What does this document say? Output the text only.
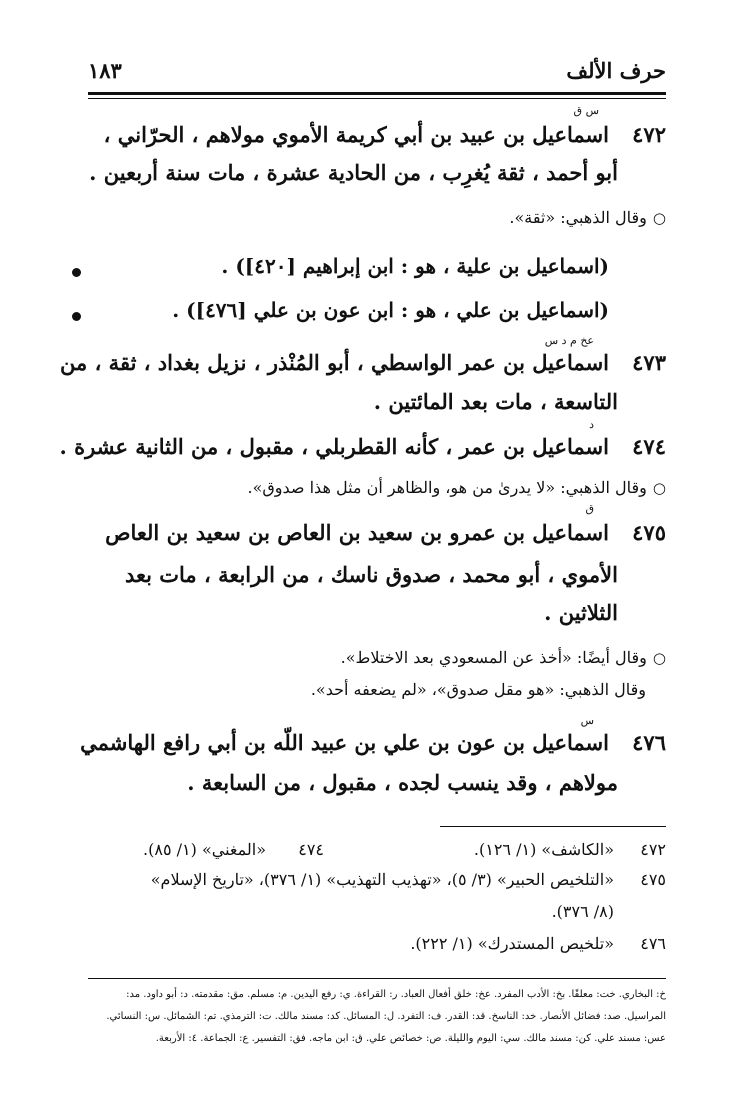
حرف الألف
١٨٣
س ق
٤٧٢
اسماعيل بن عبيد بن أبي كريمة الأموي مولاهم ، الحرّاني ،
أبو أحمد ، ثقة يُغرِب ، من الحادية عشرة ، مات سنة أربعين .
○وقال الذهبي: «ثقة».
(اسماعيل بن علية ، هو : ابن إبراهيم [٤٢٠]) .
(اسماعيل بن علي ، هو : ابن عون بن علي [٤٧٦]) .
عخ م د س
٤٧٣
اسماعيل بن عمر الواسطي ، أبو المُنْذر ، نزيل بغداد ، ثقة ، من
التاسعة ، مات بعد المائتين .
د
٤٧٤
اسماعيل بن عمر ، كأنه القطربلي ، مقبول ، من الثانية عشرة .
○وقال الذهبي: «لا يدرىٰ من هو، والظاهر أن مثل هذا صدوق».
ق
٤٧٥
اسماعيل بن عمرو بن سعيد بن العاص بن سعيد بن العاص
الأموي ، أبو محمد ، صدوق ناسك ، من الرابعة ، مات بعد
الثلاثين .
○وقال أيضًا: «أخذ عن المسعودي بعد الاختلاط».
وقال الذهبي: «هو مقل صدوق»، «لم يضعفه أحد».
س
٤٧٦
اسماعيل بن عون بن علي بن عبيد اللّه بن أبي رافع الهاشمي
مولاهم ، وقد ينسب لجده ، مقبول ، من السابعة .
٤٧٢
«الكاشف» (١/ ١٢٦).
٤٧٤
«المغني» (١/ ٨٥).
٤٧٥
«التلخيص الحبير» (٣/ ٥)، «تهذيب التهذيب» (١/ ٣٧٦)، «تاريخ الإسلام»
(٨/ ٣٧٦).
٤٧٦
«تلخيص المستدرك» (١/ ٢٢٢).
خ: البخاري. خت: معلقًا. بخ: الأدب المفرد. عخ: خلق أفعال العباد. ر: القراءة. ي: رفع اليدين. م: مسلم. مق: مقدمته. د: أبو داود. مد: المراسيل. صد: فضائل الأنصار. خد: الناسخ. قد: القدر. ف: التفرد. ل: المسائل. كد: مسند مالك. ت: الترمذي. تم: الشمائل. س: النسائي. عس: مسند علي. كن: مسند مالك. سي: اليوم والليلة. ص: خصائص علي. ق: ابن ماجه. فق: التفسير. ع: الجماعة. ٤: الأربعة.
